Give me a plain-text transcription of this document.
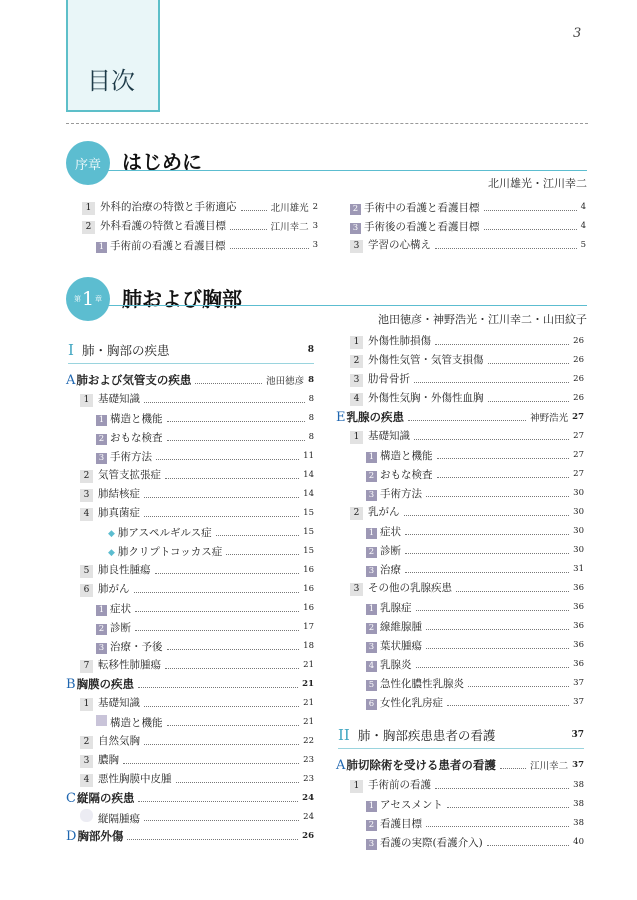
3
目次
序章 はじめに
北川雄光・江川幸二
1 外科的治療の特徴と手術適応	北川雄光 2
2 外科看護の特徴と看護目標	江川幸二 3
1 手術前の看護と看護目標	3
2 手術中の看護と看護目標	4
3 手術後の看護と看護目標	4
3 学習の心構え	5
第 1 章 肺および胸部
池田徳彦・神野浩光・江川幸二・山田紋子
I 肺・胸部の疾患	8
A肺および気管支の疾患	池田徳彦 8
1 基礎知識	8
1 構造と機能	8
2 おもな検査	8
3 手術方法	11
2 気管支拡張症	14
3 肺結核症	14
4 肺真菌症	15
◆ 肺アスペルギルス症	15
◆ 肺クリプトコッカス症	15
5 肺良性腫瘍	16
6 肺がん	16
1 症状	16
2 診断	17
3 治療・予後	18
7 転移性肺腫瘍	21
B胸膜の疾患	21
1 基礎知識	21
構造と機能	21
2 自然気胸	22
3 膿胸	23
4 悪性胸膜中皮腫	23
C縦隔の疾患	24
縦隔腫瘍	24
D胸部外傷	26
1 外傷性肺損傷	26
2 外傷性気管・気管支損傷	26
3 肋骨骨折	26
4 外傷性気胸・外傷性血胸	26
E乳腺の疾患	神野浩光 27
1 基礎知識	27
1 構造と機能	27
2 おもな検査	27
3 手術方法	30
2 乳がん	30
1 症状	30
2 診断	30
3 治療	31
3 その他の乳腺疾患	36
1 乳腺症	36
2 線維腺腫	36
3 葉状腫瘍	36
4 乳腺炎	36
5 急性化膿性乳腺炎	37
6 女性化乳房症	37
II 肺・胸部疾患患者の看護	37
A肺切除術を受ける患者の看護	江川幸二 37
1 手術前の看護	38
1 アセスメント	38
2 看護目標	38
3 看護の実際(看護介入)	40
